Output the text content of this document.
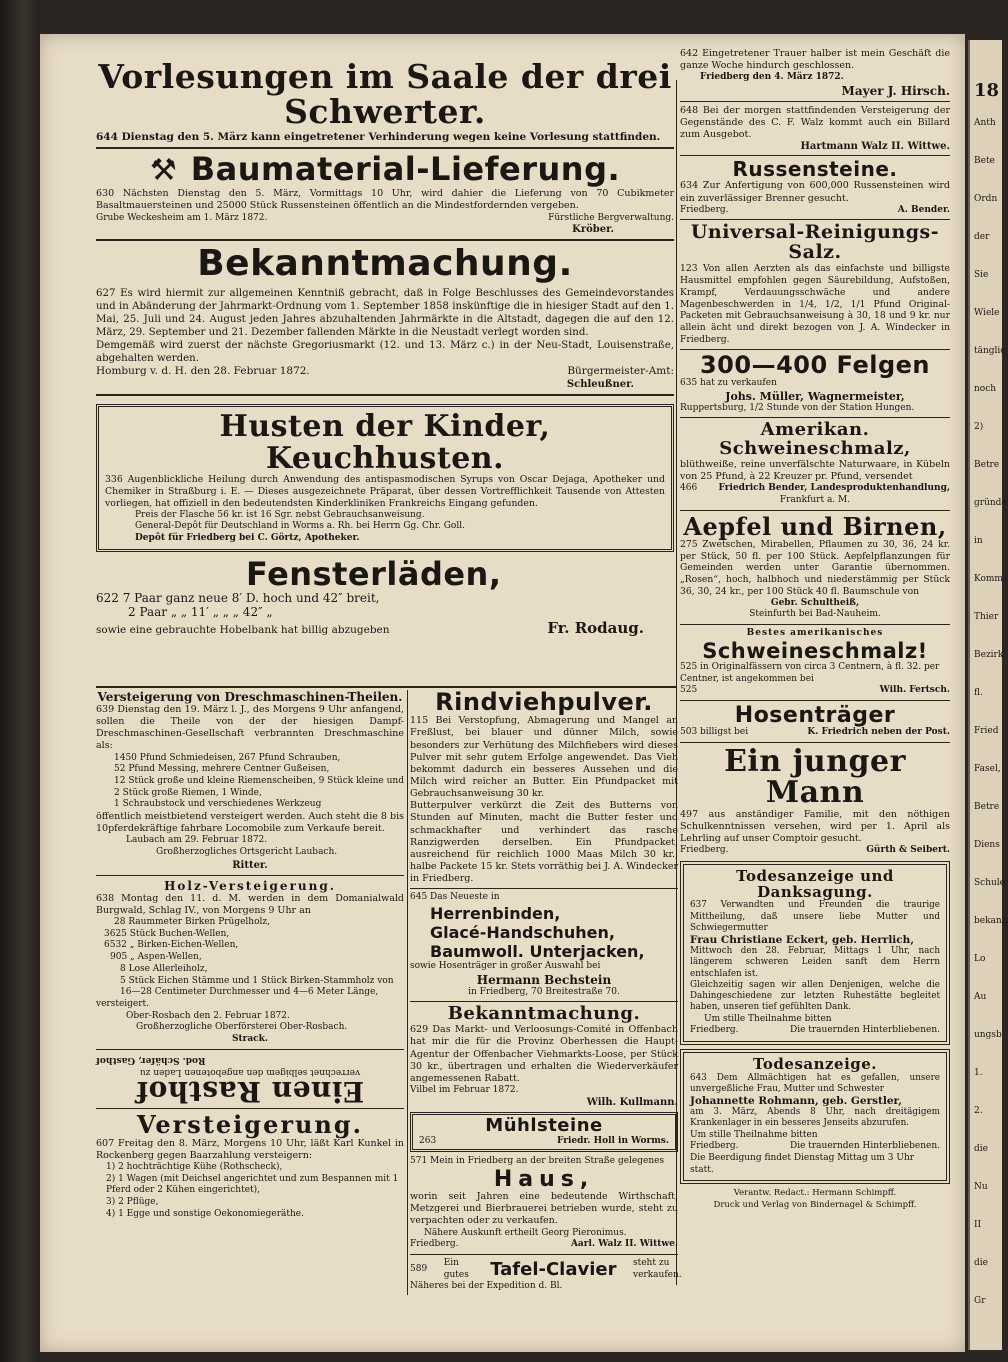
Vorlesungen im Saale der drei Schwerter.
644 Dienstag den 5. März kann eingetretener Verhinderung wegen keine Vorlesung stattfinden.
⚒ Baumaterial-Lieferung.
630 Nächsten Dienstag den 5. März, Vormittags 10 Uhr, wird dahier die Lieferung von 70 Cubikmeter Basaltmauersteinen und 25000 Stück Russensteinen öffentlich an die Mindestfordernden vergeben.
Grube Weckesheim am 1. März 1872.	Fürstliche Bergverwaltung.
Kröber.
Bekanntmachung.
627 Es wird hiermit zur allgemeinen Kenntniß gebracht, daß in Folge Beschlusses des Gemeindevorstandes und in Abänderung der Jahrmarkt-Ordnung vom 1. September 1858 inskünftige die in hiesiger Stadt auf den 1. Mai, 25. Juli und 24. August jeden Jahres abzuhaltenden Jahrmärkte in die Altstadt, dagegen die auf den 12. März, 29. September und 21. Dezember fallenden Märkte in die Neustadt verlegt worden sind.
Demgemäß wird zuerst der nächste Gregoriusmarkt (12. und 13. März c.) in der Neu-Stadt, Louisenstraße, abgehalten werden.
Homburg v. d. H. den 28. Februar 1872.	Bürgermeister-Amt:
Schleußner.
Husten der Kinder, Keuchhusten.
336 Augenblickliche Heilung durch Anwendung des antispasmodischen Syrups von Oscar Dejaga, Apotheker und Chemiker in Straßburg i. E. — Dieses ausgezeichnete Präparat, über dessen Vortrefflichkeit Tausende von Attesten vorliegen, hat offiziell in den bedeutendsten Kinderkliniken Frankreichs Eingang gefunden.
Preis der Flasche 56 kr. ist 16 Sgr. nebst Gebrauchsanweisung.
General-Depôt für Deutschland in Worms a. Rh. bei Herrn Gg. Chr. Goll.
Depôt für Friedberg bei C. Görtz, Apotheker.
Fensterläden,
622 7 Paar ganz neue 8′ D. hoch und 42″ breit,
2 Paar „ „ 11′ „ „ „ 42″ „
sowie eine gebrauchte Hobelbank hat billig abzugeben	Fr. Rodaug.
Versteigerung von Dreschmaschinen-Theilen.
639 Dienstag den 19. März l. J., des Morgens 9 Uhr anfangend, sollen die Theile von der der hiesigen Dampf-Dreschmaschinen-Gesellschaft verbrannten Dreschmaschine als:
1450 Pfund Schmiedeisen, 267 Pfund Schrauben,
52 Pfund Messing, mehrere Centner Gußeisen,
12 Stück große und kleine Riemenscheiben, 9 Stück kleine und 2 Stück große Riemen, 1 Winde,
1 Schraubstock und verschiedenes Werkzeug
öffentlich meistbietend versteigert werden. Auch steht die 8 bis 10pferdekräftige fahrbare Locomobile zum Verkaufe bereit.
Laubach am 29. Februar 1872.
Großherzogliches Ortsgericht Laubach.
Ritter.
Holz-Versteigerung.
638 Montag den 11. d. M. werden in dem Domanialwald Burgwald, Schlag IV., von Morgens 9 Uhr an
28 Raummeter Birken Prügelholz,
3625 Stück Buchen-Wellen,
6532 „ Birken-Eichen-Wellen,
905 „ Aspen-Wellen,
8 Lose Allerleiholz,
5 Stück Eichen Stämme und 1 Stück Birken-Stammholz von 16—28 Centimeter Durchmesser und 4—6 Meter Länge,
versteigert.
Ober-Rosbach den 2. Februar 1872.
Großherzogliche Oberförsterei Ober-Rosbach.
Strack.
Einen Rasthof
verrechnet selbigem den angebotenen Laden zu
Rod. Schäfer, Gasthof
Versteigerung.
607 Freitag den 8. März, Morgens 10 Uhr, läßt Karl Kunkel in Rockenberg gegen Baarzahlung versteigern:
1) 2 hochträchtige Kühe (Rothscheck),
2) 1 Wagen (mit Deichsel angerichtet und zum Bespannen mit 1 Pferd oder 2 Kühen eingerichtet),
3) 2 Pflüge,
4) 1 Egge und sonstige Oekonomiegeräthe.
Rindviehpulver.
115 Bei Verstopfung, Abmagerung und Mangel an Freßlust, bei blauer und dünner Milch, sowie besonders zur Verhütung des Milchfiebers wird dieses Pulver mit sehr gutem Erfolge angewendet. Das Vieh bekommt dadurch ein besseres Aussehen und die Milch wird reicher an Butter. Ein Pfundpacket mit Gebrauchsanweisung 30 kr.
Butterpulver verkürzt die Zeit des Butterns von Stunden auf Minuten, macht die Butter fester und schmackhafter und verhindert das rasche Ranzigwerden derselben. Ein Pfundpacket, ausreichend für reichlich 1000 Maas Milch 30 kr., halbe Packete 15 kr. Stets vorräthig bei J. A. Windecker in Friedberg.
645 Das Neueste in
Herrenbinden,
Glacé-Handschuhen,
Baumwoll. Unterjacken,
sowie Hosenträger in großer Auswahl bei
Hermann Bechstein
in Friedberg, 70 Breitestraße 70.
Bekanntmachung.
629 Das Markt- und Verloosungs-Comité in Offenbach hat mir die für die Provinz Oberhessen die Haupt-Agentur der Offenbacher Viehmarkts-Loose, per Stück 30 kr., übertragen und erhalten die Wiederverkäufer angemessenen Rabatt.
Vilbel im Februar 1872.
Wilh. Kullmann.
Mühlsteine
263	Friedr. Holl in Worms.
571 Mein in Friedberg an der breiten Straße gelegenes
Haus,
worin seit Jahren eine bedeutende Wirthschaft, Metzgerei und Bierbrauerei betrieben wurde, steht zu verpachten oder zu verkaufen.
Nähere Auskunft ertheilt Georg Pieronimus.
Friedberg.	Aarl. Walz II. Wittwe.
589
Ein gutes Tafel-Clavier steht zu verkaufen.
Näheres bei der Expedition d. Bl.
642 Eingetretener Trauer halber ist mein Geschäft die ganze Woche hindurch geschlossen.
Friedberg den 4. März 1872.
Mayer J. Hirsch.
648 Bei der morgen stattfindenden Versteigerung der Gegenstände des C. F. Walz kommt auch ein Billard zum Ausgebot.
Hartmann Walz II. Wittwe.
Russensteine.
634 Zur Anfertigung von 600,000 Russensteinen wird ein zuverlässiger Brenner gesucht.
Friedberg.	A. Bender.
Universal-Reinigungs-Salz.
123 Von allen Aerzten als das einfachste und billigste Hausmittel empfohlen gegen Säurebildung, Aufstoßen, Krampf, Verdauungsschwäche und andere Magenbeschwerden in 1/4, 1/2, 1/1 Pfund Original-Packeten mit Gebrauchsanweisung à 30, 18 und 9 kr. nur allein ächt und direkt bezogen von J. A. Windecker in Friedberg.
300—400 Felgen
635 hat zu verkaufen
Johs. Müller, Wagnermeister,
Ruppertsburg, 1/2 Stunde von der Station Hungen.
Amerikan. Schweineschmalz,
blüthweiße, reine unverfälschte Naturwaare, in Kübeln von 25 Pfund, à 22 Kreuzer pr. Pfund, versendet
466 Friedrich Bender, Landesproduktenhandlung,
Frankfurt a. M.
Aepfel und Birnen,
275 Zwetschen, Mirabellen, Pflaumen zu 30, 36, 24 kr. per Stück, 50 fl. per 100 Stück. Aepfelpflanzungen für Gemeinden werden unter Garantie übernommen. „Rosen“, hoch, halbhoch und niederstämmig per Stück 36, 30, 24 kr., per 100 Stück 40 fl. Baumschule von
Gebr. Schultheiß,
Steinfurth bei Bad-Nauheim.
Bestes amerikanisches
Schweineschmalz!
525 in Originalfässern von circa 3 Centnern, à fl. 32. per Centner, ist angekommen bei
525	Wilh. Fertsch.
Hosenträger
503 billigst bei	K. Friedrich neben der Post.
Ein junger Mann
497 aus anständiger Familie, mit den nöthigen Schulkenntnissen versehen, wird per 1. April als Lehrling auf unser Comptoir gesucht.
Friedberg.	Gürth & Seibert.
Todesanzeige und Danksagung.
637 Verwandten und Freunden die traurige Mittheilung, daß unsere liebe Mutter und Schwiegermutter
Frau Christiane Eckert, geb. Herrlich,
Mittwoch den 28. Februar, Mittags 1 Uhr, nach längerem schweren Leiden sanft dem Herrn entschlafen ist.
Gleichzeitig sagen wir allen Denjenigen, welche die Dahingeschiedene zur letzten Ruhestätte begleitet haben, unseren tief gefühlten Dank.
Um stille Theilnahme bitten
Friedberg.	Die trauernden Hinterbliebenen.
Todesanzeige.
643 Dem Allmächtigen hat es gefallen, unsere unvergeßliche Frau, Mutter und Schwester
Johannette Rohmann, geb. Gerstler,
am 3. März, Abends 8 Uhr, nach dreitägigem Krankenlager in ein besseres Jenseits abzurufen.
Um stille Theilnahme bitten
Friedberg.	Die trauernden Hinterbliebenen.
Die Beerdigung findet Dienstag Mittag um 3 Uhr statt.
Verantw. Redact.: Hermann Schimpff.
Druck und Verlag von Bindernagel & Schimpff.
18
Anth
Bete
Ordn
der
Sie
Wiele
tänglic
noch
2)
Betre
gründe
in
Komm
Thier
Bezirk
fl.
Fried
Fasel,
Betre
Diens
Schule
bekann
Lo
Au
ungsb
1.
2.
die
Nu
II
die
Gr
